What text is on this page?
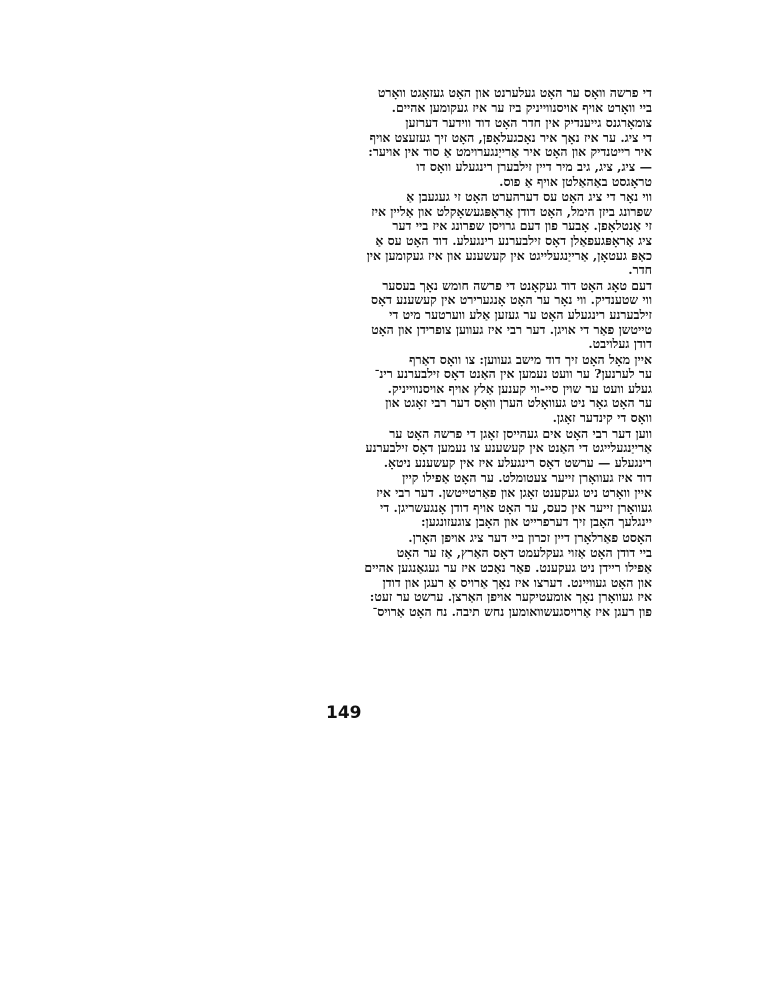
די פרשה וואָס ער האָט געלערנט און האָט געזאָגט וואָרט
ביי וואָרט אויף אויסנווייניק ביז ער איז געקומען אהיים.

צומאָרגנס גייענדיק אין חדר האָט דוד ווידער דערזען
די ציג. ער איז נאָך איר נאָכגעלאָפן, האָט זיך געזעצט אויף
איר רייטנדיק און האָט איר אַרייַנגערוימט אַ סוד אין אויער:
— ציג, ציג, גיב מיר דיין זילבערן רינגעלע וואָס דו
טראָגסט באַהאַלטן אויף אַ פוס.

ווי נאָר די ציג האָט עס דערהערט האָט זי געגעבן אַ
שפרונג ביזן הימל, האָט דודן אַראָפּגעשאָקלט און אַליין איז
זי אַנטלאָפן. אָבער פון דעם גרויסן שפרונג איז ביי דער
ציג אַראָפּגעפאַלן דאָס זילבערנע רינגעלע. דוד האָט עס אַ
כאַפּ געטאָן, אַרייַנגעלייגט אין קעשענע און איז געקומען אין
חדר.

דעם טאָג האָט דוד געקאָנט די פרשה חומש נאָך בעסער
ווי שטענדיק. ווי נאָר ער האָט אָנגערירט אין קעשענע דאָס
זילבערנע רינגעלע האָט ער געזען אַלע ווערטער מיט די
טייטשן פאַר די אויגן. דער רבי איז געווען צופרידן און האָט
דודן געלויבט.

איין מאָל האָט זיך דוד מישב געווען: צו וואָס דאַרף
ער לערנען? ער וועט נעמען אין האַנט דאָס זילבערנע רינ־
געלע וועט ער שוין סיי-ווי קענען אַלץ אויף אויסנווייניק.
ער האָט גאָר ניט געוואָלט הערן וואָס דער רבי זאָגט און
וואָס די קינדער זאָגן.

ווען דער רבי האָט אים געהייסן זאָגן די פרשה האָט ער
אַרייַנגעלייגט די האַנט אין קעשענע צו נעמען דאָס זילבערנע
רינגעלע — ערשט דאָס רינגעלע איז אין קעשענע ניטאָ.

דוד איז געוואָרן זייער צעטומלט. ער האָט אַפילו קיין
איין וואָרט ניט געקענט זאָגן און פאַרטייטשן. דער רבי איז
געוואָרן זייער אין כעס, ער האָט אויף דודן אָנגעשריגן. די
יינגלעך האָבן זיך דערפרייט און האָבן צוגעזונגען:

האָסט פאַרלאָרן דיין זכרון ביי דער ציג אויפן האָרן.

ביי דודן האָט אַזוי געקלעמט דאָס האַרץ, אַז ער האָט
אַפילו ריידן ניט געקענט. פאַר נאַכט איז ער געגאַנגען אהיים
און האָט געוויינט. דערצו איז נאָך אַרויס אַ רעגן און דודן
איז געוואָרן נאָך אומעטיקער אויפן האַרצן. ערשט ער זעט:
פון רעגן איז אַרויסגעשוואומען נחש תיבה. נח האָט אַרויס־

149
